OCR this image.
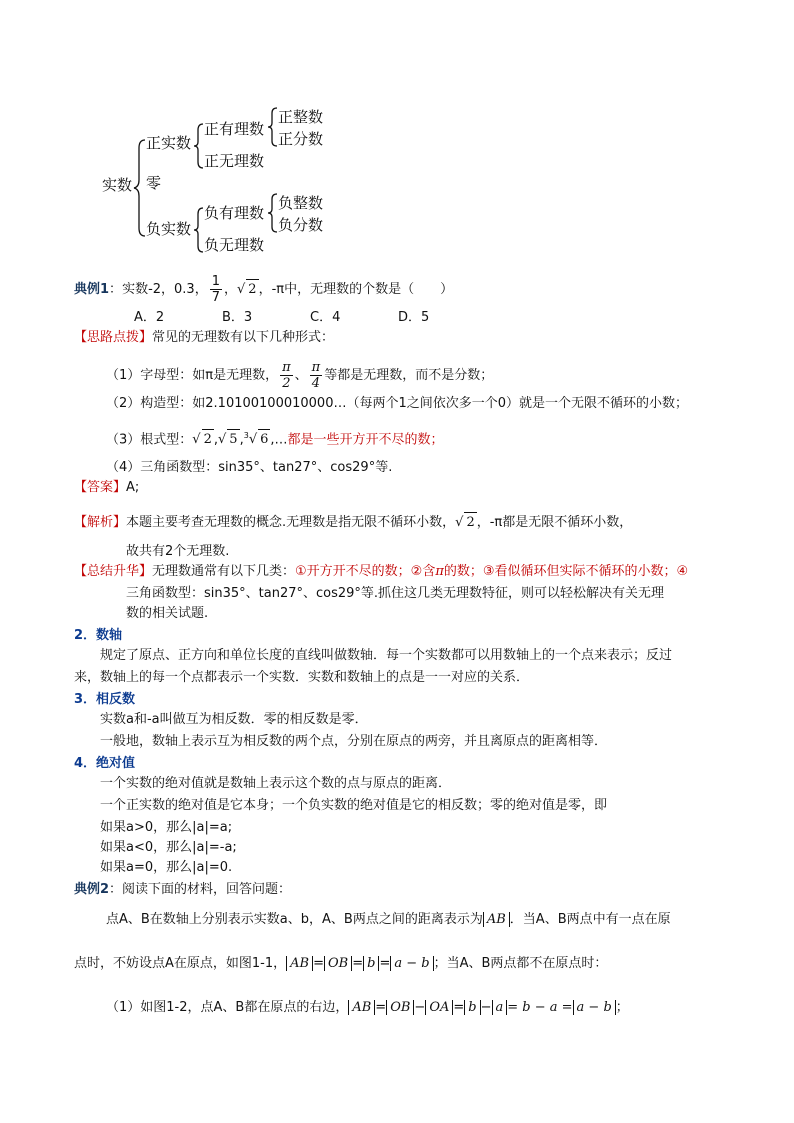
实数
正实数
零
负实数
正有理数
正无理数
正整数
正分数
负有理数
负无理数
负整数
负分数
典例1：实数-2，0.3， $\frac{1}{7}$ ，√ 2 ，-π中，无理数的个数是（　　）
A．2	B．3	C．4	D．5
【思路点拨】常见的无理数有以下几种形式：
（1）字母型：如π是无理数， $\frac{\pi}{2}$ 、 $\frac{\pi}{4}$ 等都是无理数，而不是分数；
（2）构造型：如2.10100100010000…（每两个1之间依次多一个0）就是一个无限不循环的小数；
（3）根式型：√ 2 ,√ 5 ,$^3$√ 6 ,…都是一些开方开不尽的数；
（4）三角函数型：sin35°、tan27°、cos29°等.
【答案】A;
【解析】本题主要考查无理数的概念.无理数是指无限不循环小数，√ 2 ，-π都是无限不循环小数，
故共有2个无理数.
【总结升华】无理数通常有以下几类：①开方开不尽的数；②含π的数；③看似循环但实际不循环的小数；④
三角函数型：sin35°、tan27°、cos29°等.抓住这几类无理数特征，则可以轻松解决有关无理
数的相关试题.
2．数轴
规定了原点、正方向和单位长度的直线叫做数轴．每一个实数都可以用数轴上的一个点来表示；反过
来，数轴上的每一个点都表示一个实数．实数和数轴上的点是一一对应的关系．
3．相反数
实数a和-a叫做互为相反数．零的相反数是零．
一般地，数轴上表示互为相反数的两个点，分别在原点的两旁，并且离原点的距离相等．
4．绝对值
一个实数的绝对值就是数轴上表示这个数的点与原点的距离．
一个正实数的绝对值是它本身；一个负实数的绝对值是它的相反数；零的绝对值是零，即
如果a>0，那么|a|=a;
如果a<0，那么|a|=-a;
如果a=0，那么|a|=0.
典例2：阅读下面的材料，回答问题：
点A、B在数轴上分别表示实数a、b，A、B两点之间的距离表示为 AB ．当A、B两点中有一点在原
点时，不妨设点A在原点，如图1-1， AB = OB = b = a − b ；当A、B两点都不在原点时：
（1）如图1-2，点A、B都在原点的右边， AB = OB − OA = b − a = b − a = a − b ；
